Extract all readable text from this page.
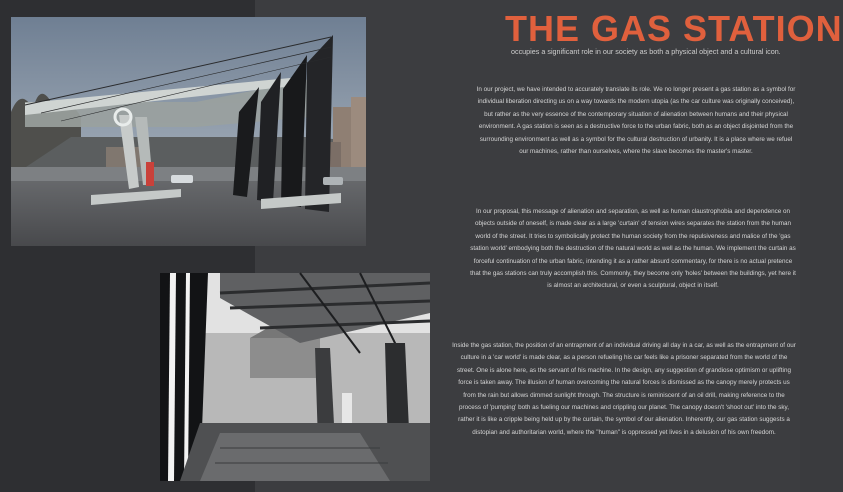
THE GAS STATION
occupies a significant role in our society as both a physical object and a cultural icon.

In our project, we have intended to accurately translate its role. We no longer present a gas station as a symbol for individual liberation directing us on a way towards the modern utopia (as the car culture was originally conceived), but rather as the very essence of the contemporary situation of alienation between humans and their physical environment. A gas station is seen as a destructive force to the urban fabric, both as an object disjointed from the surrounding environment as well as a symbol for the cultural destruction of urbanity. It is a place where we refuel our machines, rather than ourselves, where the slave becomes the master's master.

In our proposal, this message of alienation and separation, as well as human claustrophobia and dependence on objects outside of oneself, is made clear as a large 'curtain' of tension wires separates the station from the human world of the street. It tries to symbolically protect the human society from the repulsiveness and malice of the 'gas station world' embodying both the destruction of the natural world as well as the human. We implement the curtain as forceful continuation of the urban fabric, intending it as a rather absurd commentary, for there is no actual pretence that the gas stations can truly accomplish this. Commonly, they become only 'holes' between the buildings, yet here it is almost an architectural, or even a sculptural, object in itself.

Inside the gas station, the position of an entrapment of an individual driving all day in a car, as well as the entrapment of our culture in a 'car world' is made clear, as a person refueling his car feels like a prisoner separated from the world of the street. One is alone here, as the servant of his machine. In the design, any suggestion of grandiose optimism or uplifting force is taken away. The illusion of human overcoming the natural forces is dismissed as the canopy merely protects us from the rain but allows dimmed sunlight through. The structure is reminiscent of an oil drill, making reference to the process of 'pumping' both as fueling our machines and crippling our planet. The canopy doesn't 'shoot out' into the sky, rather it is like a cripple being held up by the curtain, the symbol of our alienation. Inherently, our gas station suggests a distopian and authoritarian world, where the "human" is oppressed yet lives in a delusion of his own freedom.
